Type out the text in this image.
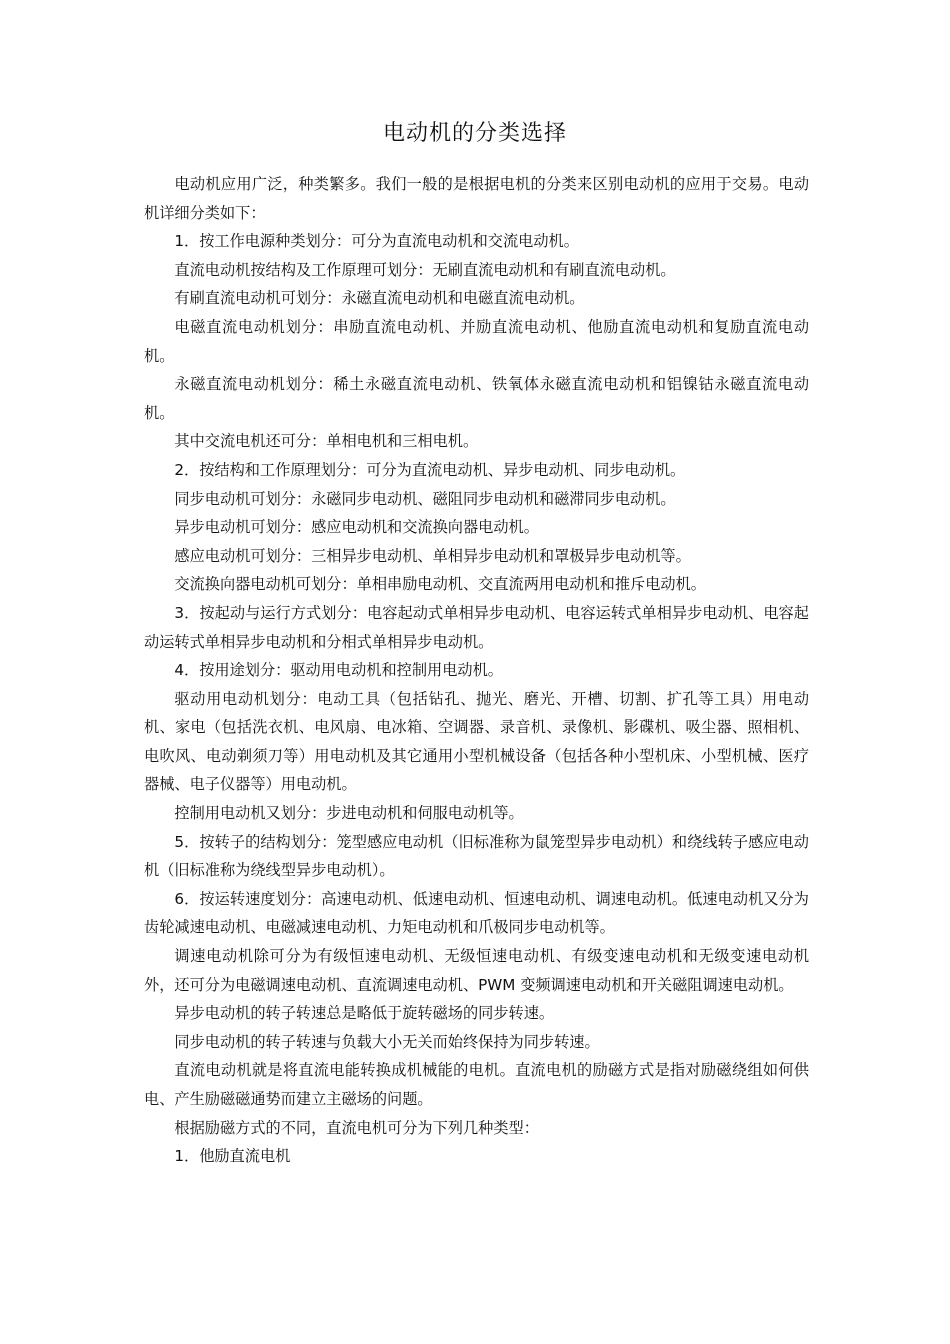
电动机的分类选择

电动机应用广泛，种类繁多。我们一般的是根据电机的分类来区别电动机的应用于交易。电动机详细分类如下：

1．按工作电源种类划分：可分为直流电动机和交流电动机。

直流电动机按结构及工作原理可划分：无刷直流电动机和有刷直流电动机。

有刷直流电动机可划分：永磁直流电动机和电磁直流电动机。

电磁直流电动机划分：串励直流电动机、并励直流电动机、他励直流电动机和复励直流电动机。

永磁直流电动机划分：稀土永磁直流电动机、铁氧体永磁直流电动机和铝镍钴永磁直流电动机。

其中交流电机还可分：单相电机和三相电机。

2．按结构和工作原理划分：可分为直流电动机、异步电动机、同步电动机。

同步电动机可划分：永磁同步电动机、磁阻同步电动机和磁滞同步电动机。

异步电动机可划分：感应电动机和交流换向器电动机。

感应电动机可划分：三相异步电动机、单相异步电动机和罩极异步电动机等。

交流换向器电动机可划分：单相串励电动机、交直流两用电动机和推斥电动机。

3．按起动与运行方式划分：电容起动式单相异步电动机、电容运转式单相异步电动机、电容起动运转式单相异步电动机和分相式单相异步电动机。

4．按用途划分：驱动用电动机和控制用电动机。

驱动用电动机划分：电动工具（包括钻孔、抛光、磨光、开槽、切割、扩孔等工具）用电动机、家电（包括洗衣机、电风扇、电冰箱、空调器、录音机、录像机、影碟机、吸尘器、照相机、电吹风、电动剃须刀等）用电动机及其它通用小型机械设备（包括各种小型机床、小型机械、医疗器械、电子仪器等）用电动机。

控制用电动机又划分：步进电动机和伺服电动机等。

5．按转子的结构划分：笼型感应电动机（旧标准称为鼠笼型异步电动机）和绕线转子感应电动机（旧标准称为绕线型异步电动机）。

6．按运转速度划分：高速电动机、低速电动机、恒速电动机、调速电动机。低速电动机又分为齿轮减速电动机、电磁减速电动机、力矩电动机和爪极同步电动机等。

调速电动机除可分为有级恒速电动机、无级恒速电动机、有级变速电动机和无级变速电动机外，还可分为电磁调速电动机、直流调速电动机、PWM 变频调速电动机和开关磁阻调速电动机。

异步电动机的转子转速总是略低于旋转磁场的同步转速。

同步电动机的转子转速与负载大小无关而始终保持为同步转速。

直流电动机就是将直流电能转换成机械能的电机。直流电机的励磁方式是指对励磁绕组如何供电、产生励磁磁通势而建立主磁场的问题。

根据励磁方式的不同，直流电机可分为下列几种类型：

1．他励直流电机
